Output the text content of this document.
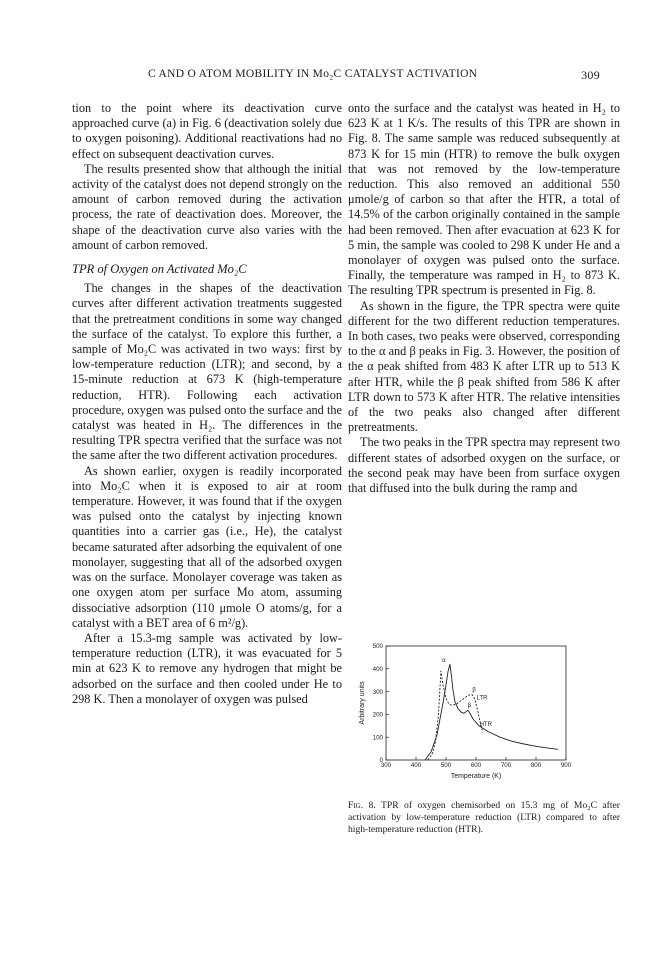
C AND O ATOM MOBILITY IN Mo₂C CATALYST ACTIVATION	309

tion to the point where its deactivation curve approached curve (a) in Fig. 6 (deactivation solely due to oxygen poisoning). Additional reactivations had no effect on subsequent deactivation curves.

The results presented show that although the initial activity of the catalyst does not depend strongly on the amount of carbon removed during the activation process, the rate of deactivation does. Moreover, the shape of the deactivation curve also varies with the amount of carbon removed.

TPR of Oxygen on Activated Mo₂C

The changes in the shapes of the deactivation curves after different activation treatments suggested that the pretreatment conditions in some way changed the surface of the catalyst. To explore this further, a sample of Mo₂C was activated in two ways: first by low-temperature reduction (LTR); and second, by a 15-minute reduction at 673 K (high-temperature reduction, HTR). Following each activation procedure, oxygen was pulsed onto the surface and the catalyst was heated in H₂. The differences in the resulting TPR spectra verified that the surface was not the same after the two different activation procedures.

As shown earlier, oxygen is readily incorporated into Mo₂C when it is exposed to air at room temperature. However, it was found that if the oxygen was pulsed onto the catalyst by injecting known quantities into a carrier gas (i.e., He), the catalyst became saturated after adsorbing the equivalent of one monolayer, suggesting that all of the adsorbed oxygen was on the surface. Monolayer coverage was taken as one oxygen atom per surface Mo atom, assuming dissociative adsorption (110 μmole O atoms/g, for a catalyst with a BET area of 6 m²/g).

After a 15.3-mg sample was activated by low-temperature reduction (LTR), it was evacuated for 5 min at 623 K to remove any hydrogen that might be adsorbed on the surface and then cooled under He to 298 K. Then a monolayer of oxygen was pulsed

onto the surface and the catalyst was heated in H₂ to 623 K at 1 K/s. The results of this TPR are shown in Fig. 8. The same sample was reduced subsequently at 873 K for 15 min (HTR) to remove the bulk oxygen that was not removed by the low-temperature reduction. This also removed an additional 550 μmole/g of carbon so that after the HTR, a total of 14.5% of the carbon originally contained in the sample had been removed. Then after evacuation at 623 K for 5 min, the sample was cooled to 298 K under He and a monolayer of oxygen was pulsed onto the surface. Finally, the temperature was ramped in H₂ to 873 K. The resulting TPR spectrum is presented in Fig. 8.

As shown in the figure, the TPR spectra were quite different for the two different reduction temperatures. In both cases, two peaks were observed, corresponding to the α and β peaks in Fig. 3. However, the position of the α peak shifted from 483 K after LTR up to 513 K after HTR, while the β peak shifted from 586 K after LTR down to 573 K after HTR. The relative intensities of the two peaks also changed after different pretreatments.

The two peaks in the TPR spectra may represent two different states of adsorbed oxygen on the surface, or the second peak may have been from surface oxygen that diffused into the bulk during the ramp and

300	400	500	600	700	800	900
0
100
200
300
400
500
Temperature (K)
Arbitrary units
α
β
LTR
β
HTR
Fig. 8. TPR of oxygen chemisorbed on 15.3 mg of Mo₂C after activation by low-temperature reduction (LTR) compared to after high-temperature reduction (HTR).
